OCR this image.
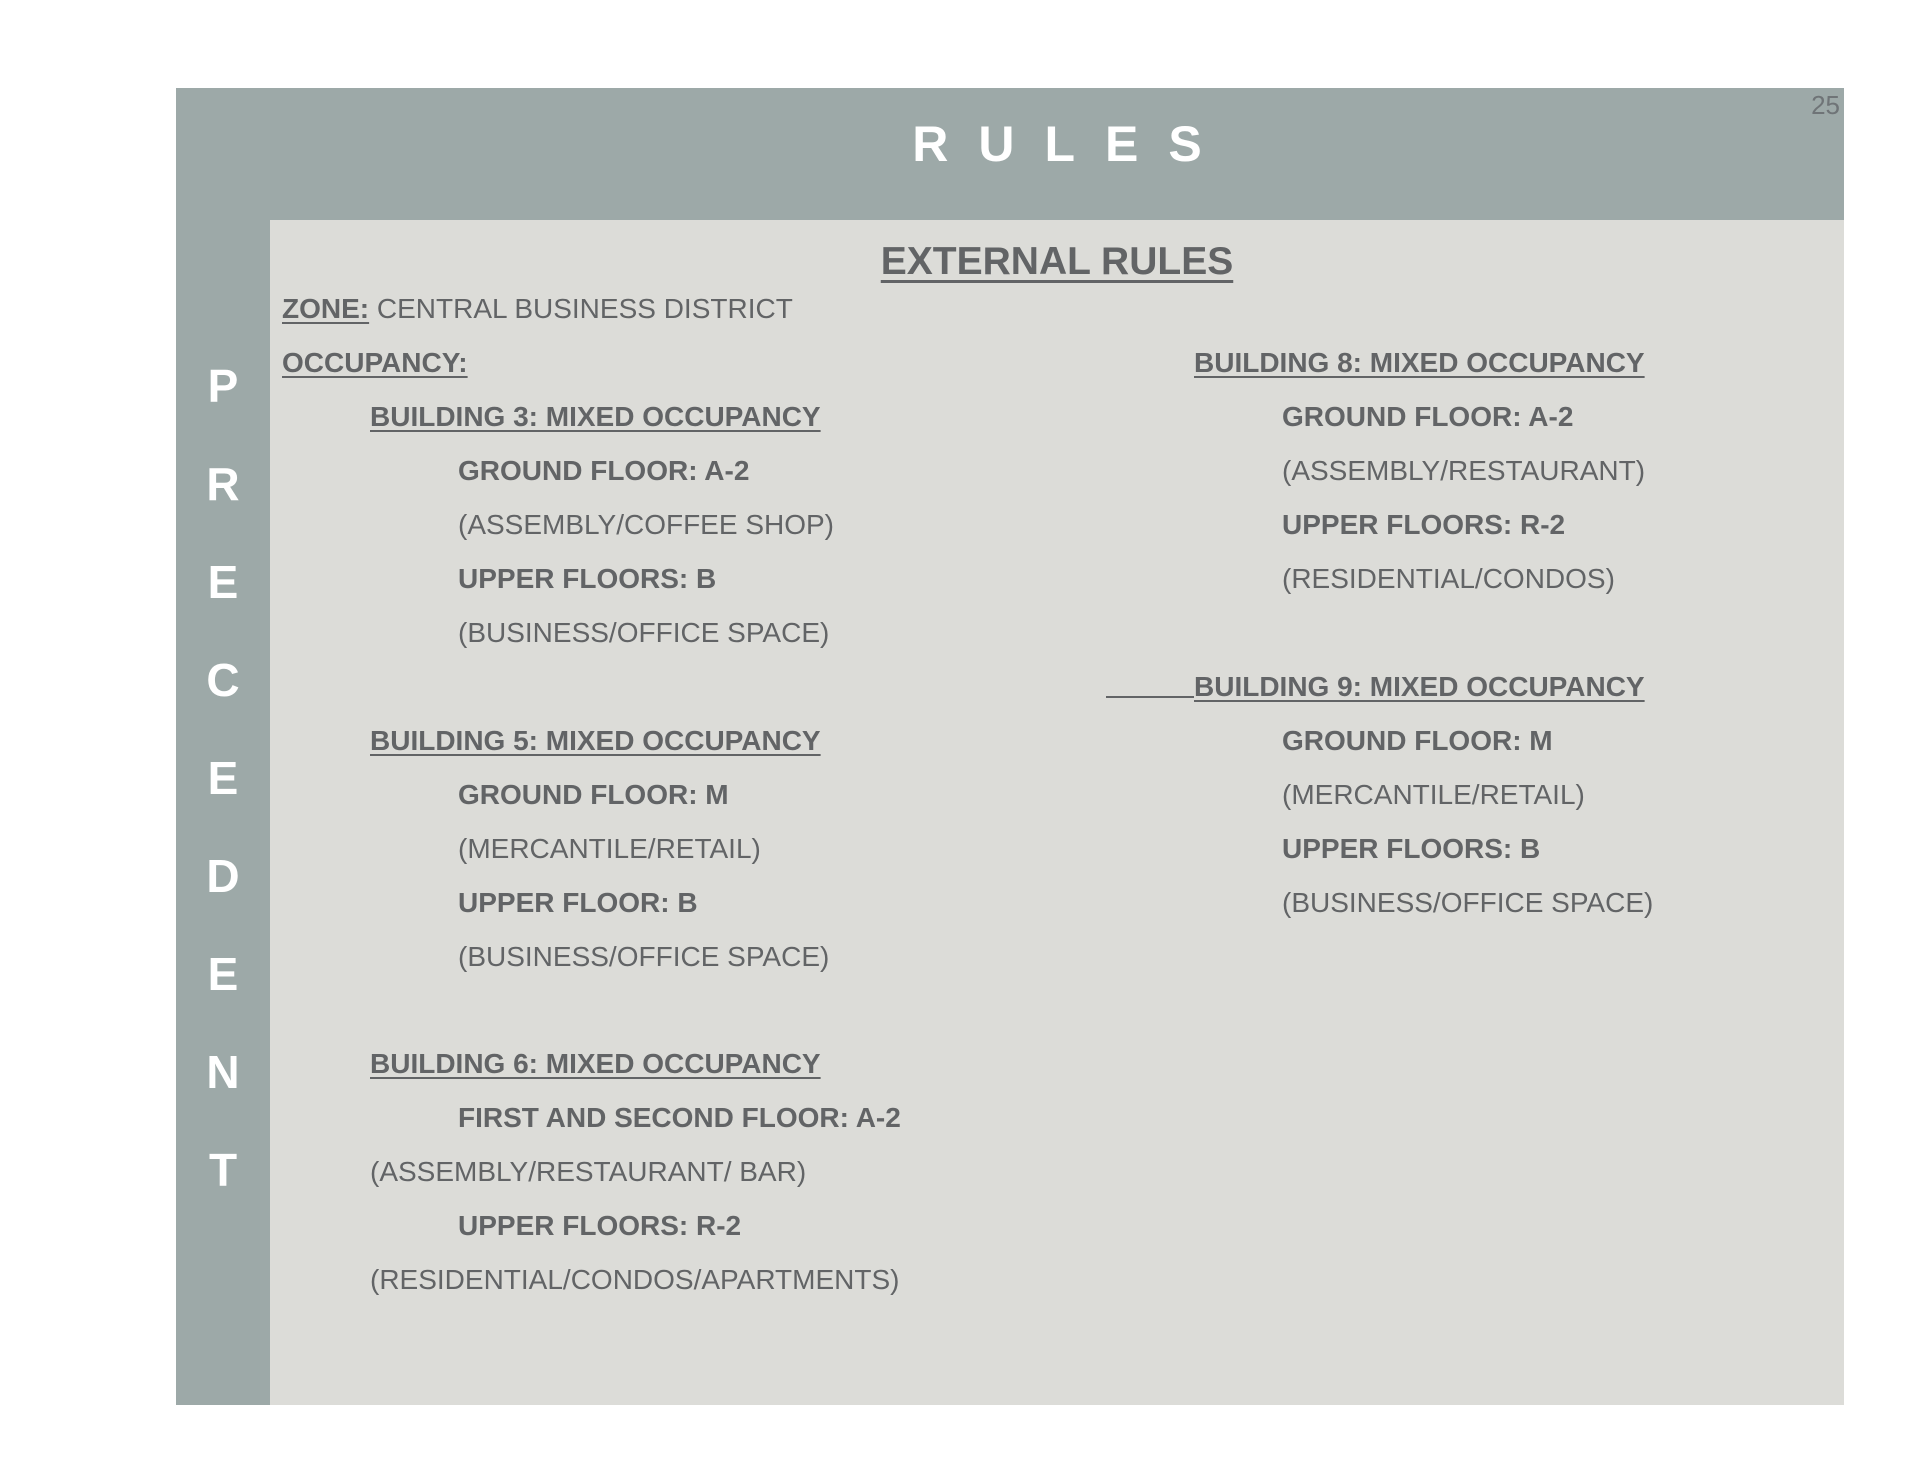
P
R
E
C
E
D
E
N
T
RULES
25
EXTERNAL RULES
ZONE: CENTRAL BUSINESS DISTRICT
OCCUPANCY:
BUILDING 3: MIXED OCCUPANCY
GROUND FLOOR: A-2
(ASSEMBLY/COFFEE SHOP)
UPPER FLOORS: B
(BUSINESS/OFFICE SPACE)
BUILDING 5: MIXED OCCUPANCY
GROUND FLOOR: M
(MERCANTILE/RETAIL)
UPPER FLOOR: B
(BUSINESS/OFFICE SPACE)
BUILDING 6: MIXED OCCUPANCY
FIRST AND SECOND FLOOR: A-2
(ASSEMBLY/RESTAURANT/ BAR)
UPPER FLOORS: R-2
(RESIDENTIAL/CONDOS/APARTMENTS)
BUILDING 8: MIXED OCCUPANCY
GROUND FLOOR: A-2
(ASSEMBLY/RESTAURANT)
UPPER FLOORS: R-2
(RESIDENTIAL/CONDOS)
BUILDING 9: MIXED OCCUPANCY
GROUND FLOOR: M
(MERCANTILE/RETAIL)
UPPER FLOORS: B
(BUSINESS/OFFICE SPACE)
